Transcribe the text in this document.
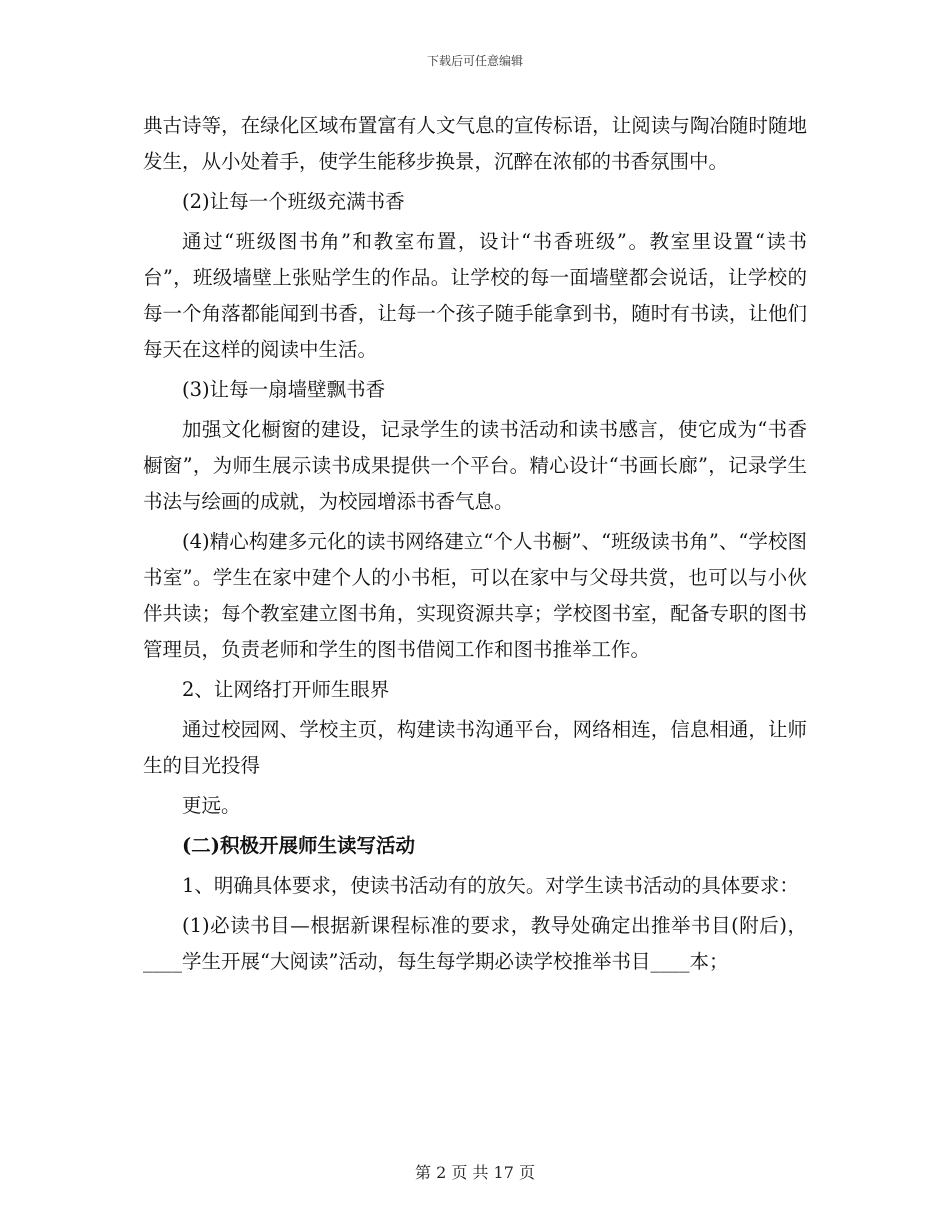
下载后可任意编辑

典古诗等，在绿化区域布置富有人文气息的宣传标语，让阅读与陶冶随时随地发生，从小处着手，使学生能移步换景，沉醉在浓郁的书香氛围中。

(2)让每一个班级充满书香

通过“班级图书角”和教室布置，设计“书香班级”。教室里设置“读书台”，班级墙壁上张贴学生的作品。让学校的每一面墙壁都会说话，让学校的每一个角落都能闻到书香，让每一个孩子随手能拿到书，随时有书读，让他们每天在这样的阅读中生活。

(3)让每一扇墙壁飘书香

加强文化橱窗的建设，记录学生的读书活动和读书感言，使它成为“书香橱窗”，为师生展示读书成果提供一个平台。精心设计“书画长廊”，记录学生书法与绘画的成就，为校园增添书香气息。

(4)精心构建多元化的读书网络建立“个人书橱”、“班级读书角”、“学校图书室”。学生在家中建个人的小书柜，可以在家中与父母共赏，也可以与小伙伴共读；每个教室建立图书角，实现资源共享；学校图书室，配备专职的图书管理员，负责老师和学生的图书借阅工作和图书推举工作。

2、让网络打开师生眼界

通过校园网、学校主页，构建读书沟通平台，网络相连，信息相通，让师生的目光投得

更远。

(二)积极开展师生读写活动

1、明确具体要求，使读书活动有的放矢。对学生读书活动的具体要求：

(1)必读书目—根据新课程标准的要求，教导处确定出推举书目(附后)，____学生开展“大阅读”活动，每生每学期必读学校推举书目____本；

第 2 页 共 17 页
